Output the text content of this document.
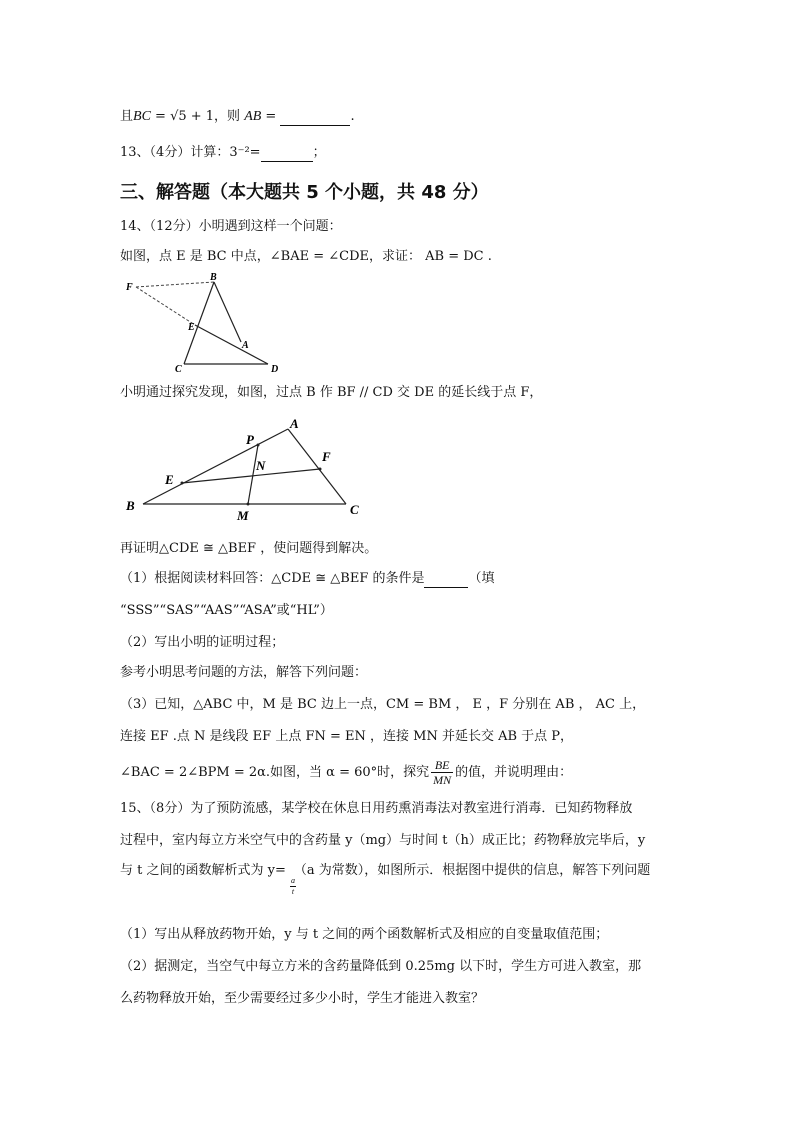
且BC = √5 + 1，则 AB =	.
13、（4分）计算：3⁻²=	；
三、解答题（本大题共 5 个小题，共 48 分）
14、（12分）小明遇到这样一个问题：
如图，点 E 是 BC 中点，∠BAE = ∠CDE，求证： AB = DC .
F
B
E
A
C	D
小明通过探究发现，如图，过点 B 作 BF // CD 交 DE 的延长线于点 F，
P
A
N
F
E
B
M	C
再证明△CDE ≅ △BEF ，使问题得到解决。
（1）根据阅读材料回答：△CDE ≅ △BEF 的条件是	（填
“SSS”“SAS”“AAS”“ASA”或“HL”）
（2）写出小明的证明过程；
参考小明思考问题的方法，解答下列问题：
（3）已知，△ABC 中，M 是 BC 边上一点，CM = BM ， E ，F 分别在 AB ， AC 上，
连接 EF .点 N 是线段 EF 上点 FN = EN ，连接 MN 并延长交 AB 于点 P，
∠BAC = 2∠BPM = 2α.如图，当 α = 60°时，探究 $\frac{BE}{MN}$ 的值，并说明理由：
15、（8分）为了预防流感，某学校在休息日用药熏消毒法对教室进行消毒．已知药物释放
过程中，室内每立方米空气中的含药量 y（mg）与时间 t（h）成正比；药物释放完毕后，y
与 t 之间的函数解析式为 y= （a 为常数），如图所示．根据图中提供的信息，解答下列问题
$\frac{a}{t}$
（1）写出从释放药物开始，y 与 t 之间的两个函数解析式及相应的自变量取值范围；
（2）据测定，当空气中每立方米的含药量降低到 0.25mg 以下时，学生方可进入教室，那
么药物释放开始，至少需要经过多少小时，学生才能进入教室？
